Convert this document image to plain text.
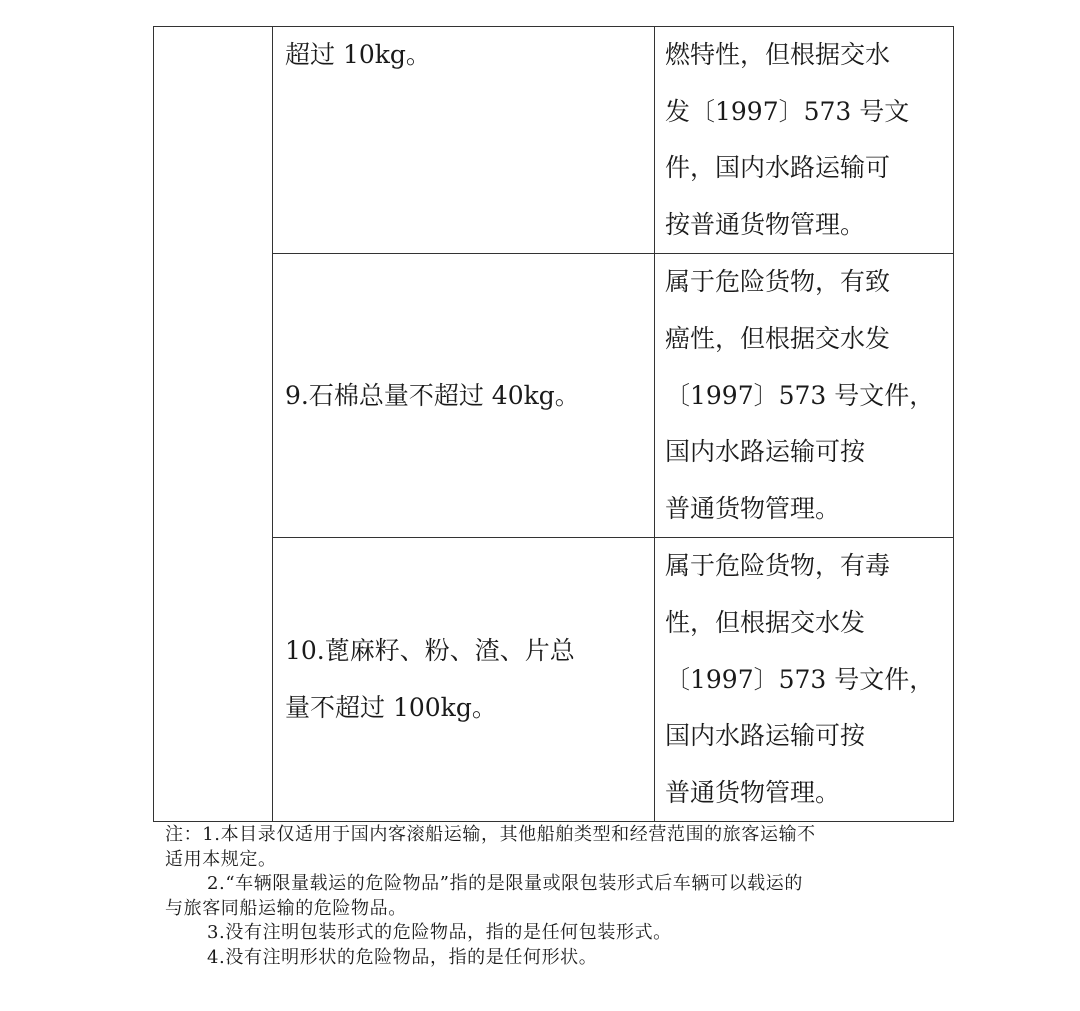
	超过 10kg。	燃特性，但根据交水
发〔1997〕573 号文
件，国内水路运输可
按普通货物管理。

	9.石棉总量不超过 40kg。	属于危险货物，有致
癌性，但根据交水发
〔1997〕573 号文件，
国内水路运输可按
普通货物管理。

	10.蓖麻籽、粉、渣、片总
量不超过 100kg。	属于危险货物，有毒
性，但根据交水发
〔1997〕573 号文件，
国内水路运输可按
普通货物管理。

注：1.本目录仅适用于国内客滚船运输，其他船舶类型和经营范围的旅客运输不

适用本规定。

2.“车辆限量载运的危险物品”指的是限量或限包装形式后车辆可以载运的

与旅客同船运输的危险物品。

3.没有注明包装形式的危险物品，指的是任何包装形式。

4.没有注明形状的危险物品，指的是任何形状。
